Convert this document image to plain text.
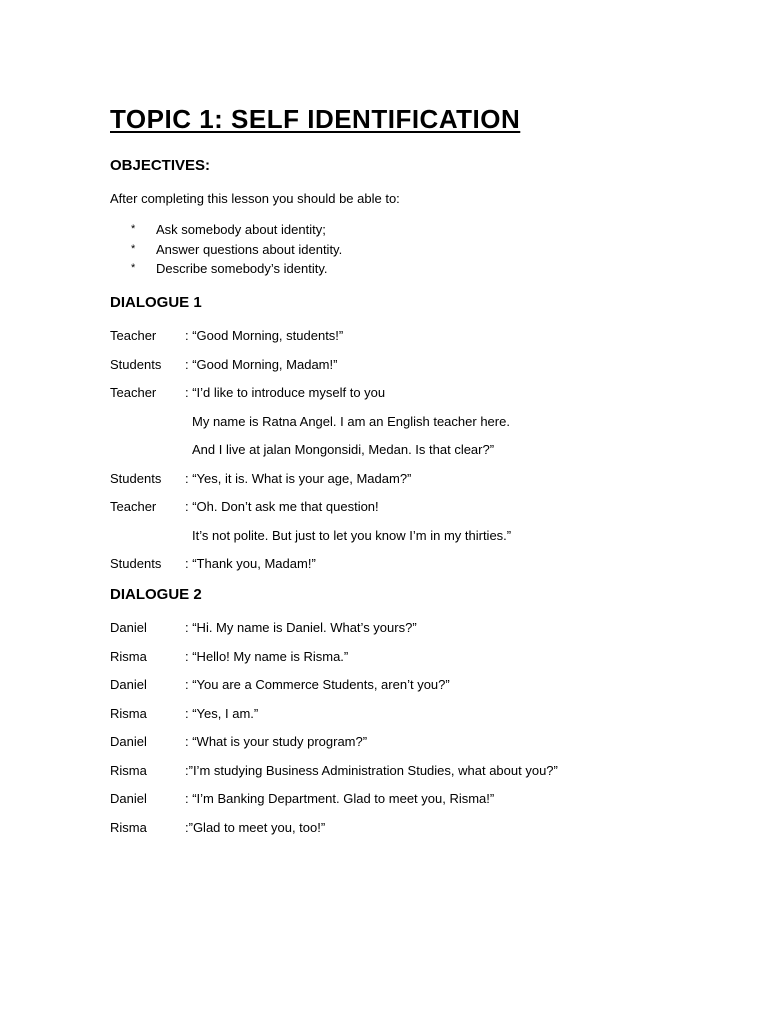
TOPIC 1: SELF IDENTIFICATION
OBJECTIVES:
After completing this lesson you should be able to:
* Ask somebody about identity;
* Answer questions about identity.
* Describe somebody’s identity.
DIALOGUE 1
Teacher : “Good Morning, students!”
Students : “Good Morning, Madam!”
Teacher : “I’d like to introduce myself to you
My name is Ratna Angel. I am an English teacher here.
And I live at jalan Mongonsidi, Medan. Is that clear?”
Students : “Yes, it is. What is your age, Madam?”
Teacher : “Oh. Don’t ask me that question!
It’s not polite. But just to let you know I’m in my thirties.”
Students : “Thank you, Madam!”
DIALOGUE 2
Daniel	: “Hi. My name is Daniel. What’s yours?”
Risma	: “Hello! My name is Risma.”
Daniel	: “You are a Commerce Students, aren’t you?”
Risma	: “Yes, I am.”
Daniel	: “What is your study program?”
Risma	:”I’m studying Business Administration Studies, what about you?”
Daniel	: “I’m Banking Department. Glad to meet you, Risma!”
Risma	:”Glad to meet you, too!”
